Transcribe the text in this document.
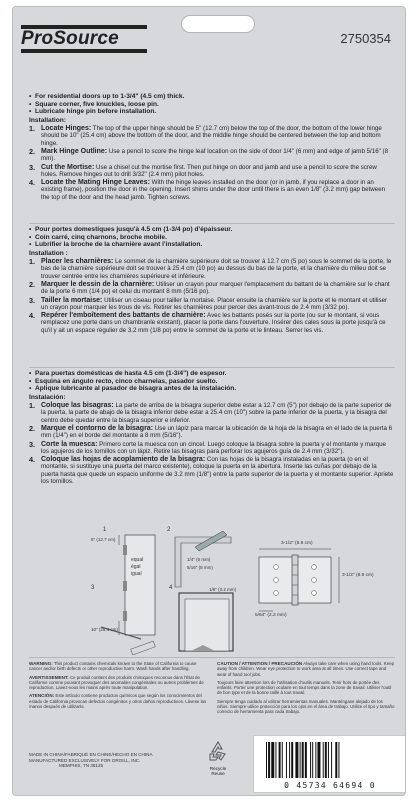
ProSource	2750354
• For residential doors up to 1-3/4" (4.5 cm) thick.
• Square corner, five knuckles, loose pin.
• Lubricate hinge pin before installation.
Installation:
1. Locate Hinges: The top of the upper hinge should be 5" (12.7 cm) below the top of the door, the bottom of the lower hinge should be 10" (25.4 cm) above the bottom of the door, and the middle hinge should be centered between the top and bottom hinge.
2. Mark Hinge Outline: Use a pencil to score the hinge leaf location on the side of door 1/4" (6 mm) and edge of jamb 5/16" (8 mm).
3. Cut the Mortise: Use a chisel cut the mortise first. Then put hinge on door and jamb and use a pencil to score the screw holes. Remove hinges out to drill 3/32" (2.4 mm) pilot holes.
4. Locate the Mating Hinge Leaves: With the hinge leaves installed on the door (or in jamb, if you replace a door in an existing frame), position the door in the opening. Insert shims under the door until there is an even 1/8" (3.2 mm) gap between the top of the door and the head jamb. Tighten screws.
• Pour portes domestiques jusqu'à 4.5 cm (1-3/4 po) d'épaisseur.
• Coin carré, cinq charnons, broche mobile.
• Lubrifier la broche de la charnière avant l'installation.
Installation :
1. Placer les charnières: Le sommet de la charnière supérieure doit se trouver à 12.7 cm (5 po) sous le sommet de la porte, le bas de la charnière supérieure doit se trouver à 25.4 cm (10 po) au dessus du bas de la porte, et la charnière du milieu doit se trouver centrée entre les charnières supérieure et inférieure.
2. Marquer le dessin de la charnière: Utiliser un crayon pour marquer l'emplacement du battant de la charnière sur le chant de la porte 6 mm (1/4 po) et celui du montant 8 mm (5/16 po).
3. Tailler la mortaise: Utiliser un ciseau pour tailler la mortaise. Placer ensuite la charnière sur la porte et le montant et utiliser un crayon pour marquer les trous de vis. Retirer les charnières pour percer des avant-trous de 2.4 mm (3/32 po).
4. Repérer l'emboîtement des battants de charnière: Avec les battants posés sur la porte (ou sur le montant, si vous remplacez une porte dans un chambranle existant), placer la porte dans l'ouverture. Insérer des cales sous la porte jusqu'à ce qu'il y ait un espace régulier de 3.2 mm (1/8 po) entre le sommet de la porte et le linteau. Serrer les vis.
• Para puertas domésticas de hasta 4.5 cm (1-3/4") de espesor.
• Esquina en ángulo recto, cinco charnelas, pasador suelto.
• Aplique lubricante al pasador de bisagra antes de la instalación.
Instalación:
1. Coloque las bisagras: La parte de arriba de la bisagra superior debe estar a 12.7 cm (5") por debajo de la parte superior de la puerta, la parte de abajo de la bisagra inferior debe estar a 25.4 cm (10") sobre la parte inferior de la puerta, y la bisagra del centro debe quedar entre la bisagra superior e inferior.
2. Marque el contorno de la bisagra: Use un lápiz para marcar la ubicación de la hoja de la bisagra en el lado de la puerta 6 mm (1/4") en el borde del montante a 8 mm (5/16").
3. Corte la muesca: Primero corte la muesca con un cincel. Luego coloque la bisagra sobre la puerta y el montante y marque los agujeros de los tornillos con un lápiz. Retire las bisagras para perforar los agujeros guía de 2.4 mm (3/32").
4. Coloque las hojas de acoplamiento de la bisagra: Con las hojas de la bisagra instaladas en la puerta (o en el montante, si sustituye una puerta del marco existente), coloque la puerta en la abertura. Inserte las cuñas por debajo de la puerta hasta que quede un espacio uniforme de 3.2 mm (1/8") entre la parte superior de la puerta y el montante superior. Apriete los tornillos.
1	2
3	4
5" (12.7 cm)
10" (25.4 cm)
equal
égal
igual
1/4" (6 mm)
5/16" (8 mm)
1/8" (3.2 mm)
3-1/2" (8.9 cm)
3-1/2" (8.9 cm)
5/64" (2.2 mm)
WARNING: This product contains chemicals known to the State of California to cause cancer and/or birth defects or other reproductive harm. Wash hands after handling.
AVERTISSEMENT: Ce produit contient des produits chimiques reconnus dans l'État de Californie comme pouvant provoquer des anomalies congénitales ou autres problèmes de reproduction. Lavez-vous les mains après toute manipulation.
ATENCIÓN: Este artículo contiene productos químicos que según los conocimientos del estado de California provocan defectos congénitos y otros daños reproductivos. Lávese las manos después de utilizarlo.
CAUTION / ATTENTION / PRECAUCIÓN Always take care when using hand tools. Keep away from children. Wear eye protection to work area at all times. Use correct tape and wear of hand tool jobs.
Toujours faire attention lors de l'utilisation d'outils manuels. Tenir hors de portée des enfants. Porter une protection oculaire en tout temps dans la zone de travail. Utiliser l'outil de bon type et de la bonne taille à tout travail.
Siempre tenga cuidado al utilizar herramientas manuales. Manténgase alejado de los niños. Siempre utilice protección para los ojos en el área de trabajo. Utilice el tipo y tamaño correcto de herramienta para cada trabajo.
MADE IN CHINA/FABRIQUÉ EN CHINE/HECHO EN CHINA
MANUFACTURED EXCLUSIVELY FOR ORGILL, INC.
MEMPHIS, TN 38125
Recycle
Reuse
0 45734 64694 0
